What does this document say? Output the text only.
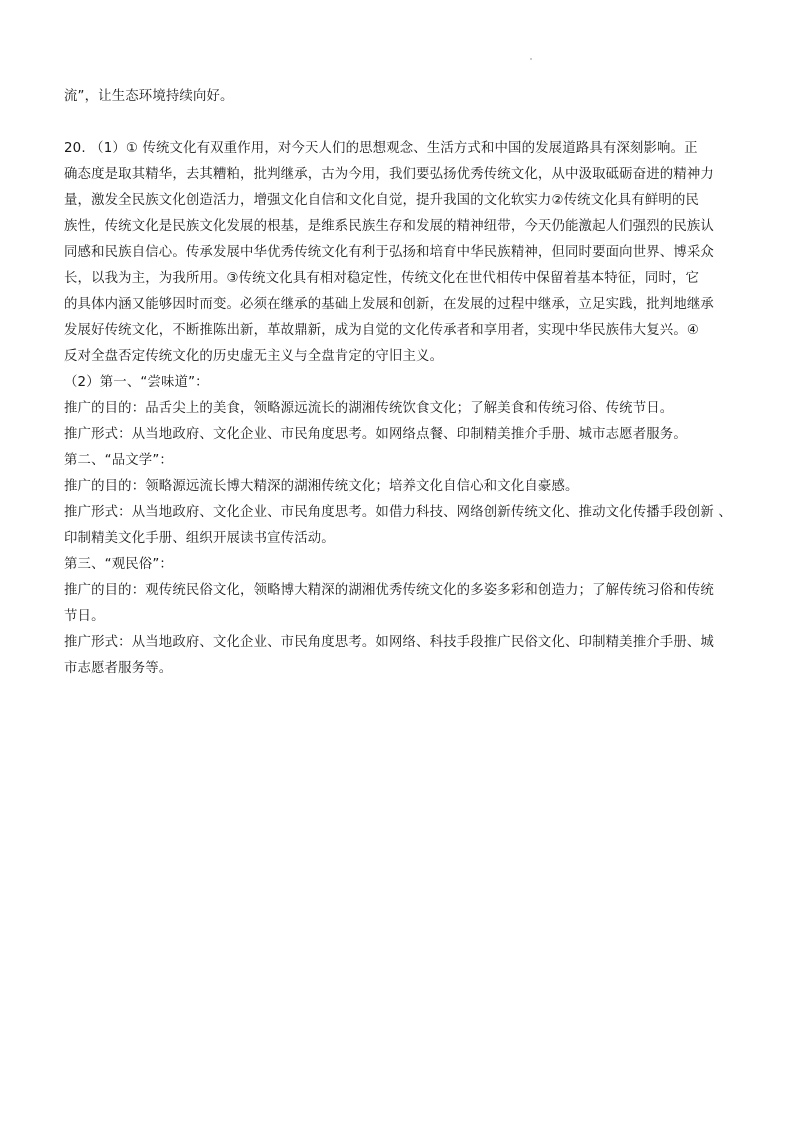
流”，让生态环境持续向好。
20. （1）① 传统文化有双重作用，对今天人们的思想观念、生活方式和中国的发展道路具有深刻影响。正
确态度是取其精华，去其糟粕，批判继承，古为今用，我们要弘扬优秀传统文化，从中汲取砥砺奋进的精神力
量，激发全民族文化创造活力，增强文化自信和文化自觉，提升我国的文化软实力②传统文化具有鲜明的民
族性，传统文化是民族文化发展的根基，是维系民族生存和发展的精神纽带，今天仍能激起人们强烈的民族认
同感和民族自信心。传承发展中华优秀传统文化有利于弘扬和培育中华民族精神，但同时要面向世界、博采众
长，以我为主，为我所用。③传统文化具有相对稳定性，传统文化在世代相传中保留着基本特征，同时，它
的具体内涵又能够因时而变。必须在继承的基础上发展和创新，在发展的过程中继承，立足实践，批判地继承
发展好传统文化，不断推陈出新，革故鼎新，成为自觉的文化传承者和享用者，实现中华民族伟大复兴。④
反对全盘否定传统文化的历史虚无主义与全盘肯定的守旧主义。
（2）第一、“尝味道”：
推广的目的：品舌尖上的美食，领略源远流长的湖湘传统饮食文化；了解美食和传统习俗、传统节日。
推广形式：从当地政府、文化企业、市民角度思考。如网络点餐、印制精美推介手册、城市志愿者服务。
第二、“品文学”：
推广的目的：领略源远流长博大精深的湖湘传统文化；培养文化自信心和文化自豪感。
推广形式：从当地政府、文化企业、市民角度思考。如借力科技、网络创新传统文化、推动文化传播手段创新 、
印制精美文化手册、组织开展读书宣传活动。
第三、“观民俗”：
推广的目的：观传统民俗文化，领略博大精深的湖湘优秀传统文化的多姿多彩和创造力；了解传统习俗和传统
节日。
推广形式：从当地政府、文化企业、市民角度思考。如网络、科技手段推广民俗文化、印制精美推介手册、城
市志愿者服务等。
